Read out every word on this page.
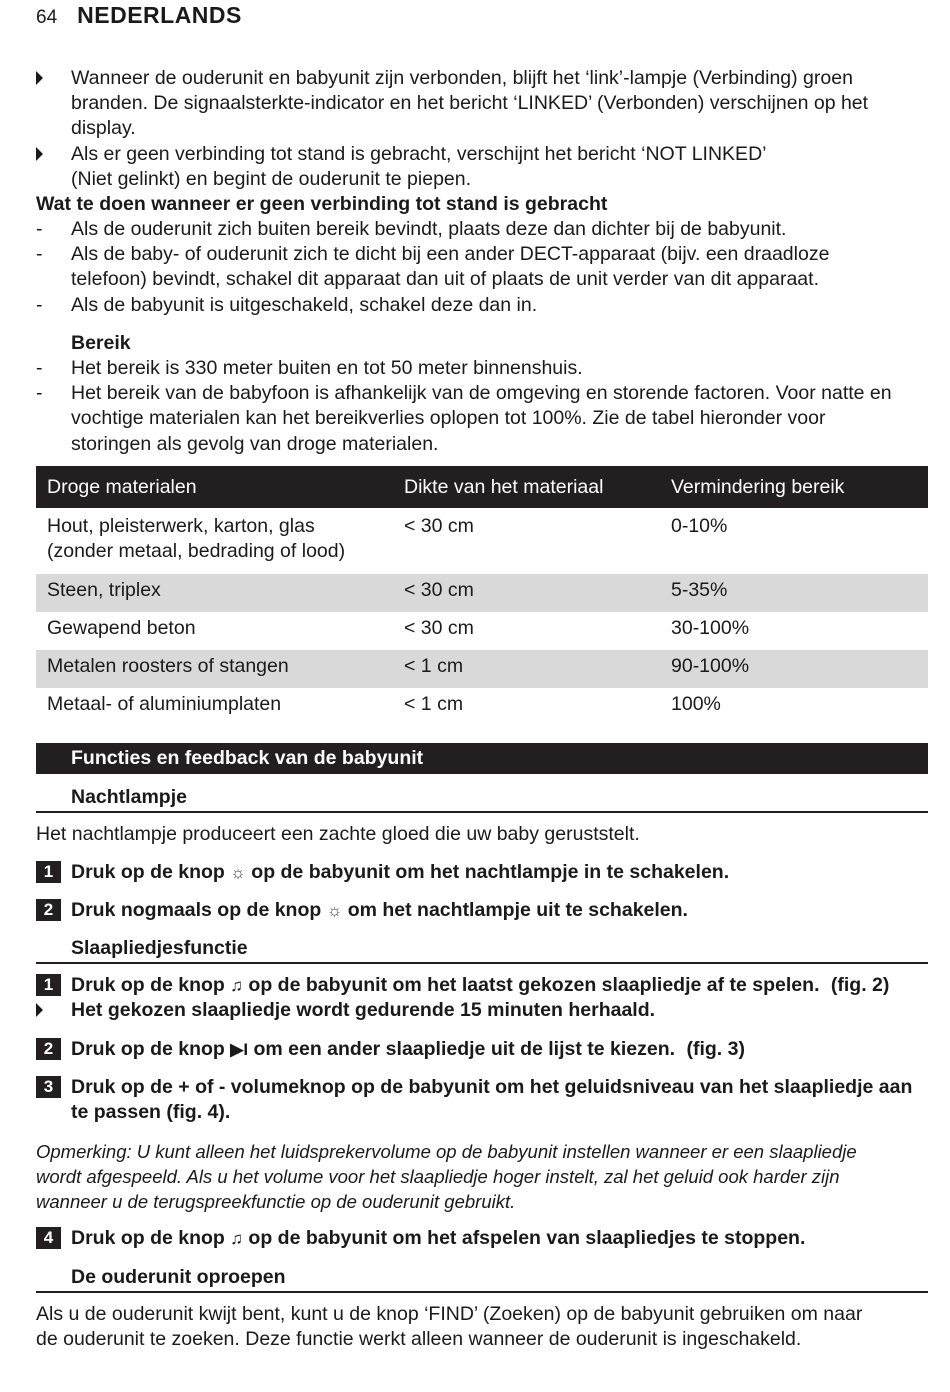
64 NEDERLANDS
Wanneer de ouderunit en babyunit zijn verbonden, blijft het ‘link’-lampje (Verbinding) groen
branden. De signaalsterkte-indicator en het bericht ‘LINKED’ (Verbonden) verschijnen op het
display.
Als er geen verbinding tot stand is gebracht, verschijnt het bericht ‘NOT LINKED’
(Niet gelinkt) en begint de ouderunit te piepen.
Wat te doen wanneer er geen verbinding tot stand is gebracht
- Als de ouderunit zich buiten bereik bevindt, plaats deze dan dichter bij de babyunit.
- Als de baby- of ouderunit zich te dicht bij een ander DECT-apparaat (bijv. een draadloze
telefoon) bevindt, schakel dit apparaat dan uit of plaats de unit verder van dit apparaat.
- Als de babyunit is uitgeschakeld, schakel deze dan in.
Bereik
- Het bereik is 330 meter buiten en tot 50 meter binnenshuis.
- Het bereik van de babyfoon is afhankelijk van de omgeving en storende factoren. Voor natte en
vochtige materialen kan het bereikverlies oplopen tot 100%. Zie de tabel hieronder voor
storingen als gevolg van droge materialen.
Droge materialen	Dikte van het materiaal	Vermindering bereik
Hout, pleisterwerk, karton, glas
(zonder metaal, bedrading of lood)	< 30 cm	0-10%
Steen, triplex	< 30 cm	5-35%
Gewapend beton	< 30 cm	30-100%
Metalen roosters of stangen	< 1 cm	90-100%
Metaal- of aluminiumplaten	< 1 cm	100%
Functies en feedback van de babyunit
Nachtlampje
Het nachtlampje produceert een zachte gloed die uw baby geruststelt.
1 Druk op de knop ☼ op de babyunit om het nachtlampje in te schakelen.
2 Druk nogmaals op de knop ☼ om het nachtlampje uit te schakelen.
Slaapliedjesfunctie
1 Druk op de knop ♫ op de babyunit om het laatst gekozen slaapliedje af te spelen. (fig. 2)
Het gekozen slaapliedje wordt gedurende 15 minuten herhaald.
2 Druk op de knop ▶I om een ander slaapliedje uit de lijst te kiezen. (fig. 3)
3 Druk op de + of - volumeknop op de babyunit om het geluidsniveau van het slaapliedje aan
te passen (fig. 4).
Opmerking: U kunt alleen het luidsprekervolume op de babyunit instellen wanneer er een slaapliedje
wordt afgespeeld. Als u het volume voor het slaapliedje hoger instelt, zal het geluid ook harder zijn
wanneer u de terugspreekfunctie op de ouderunit gebruikt.
4 Druk op de knop ♫ op de babyunit om het afspelen van slaapliedjes te stoppen.
De ouderunit oproepen
Als u de ouderunit kwijt bent, kunt u de knop ‘FIND’ (Zoeken) op de babyunit gebruiken om naar
de ouderunit te zoeken. Deze functie werkt alleen wanneer de ouderunit is ingeschakeld.
